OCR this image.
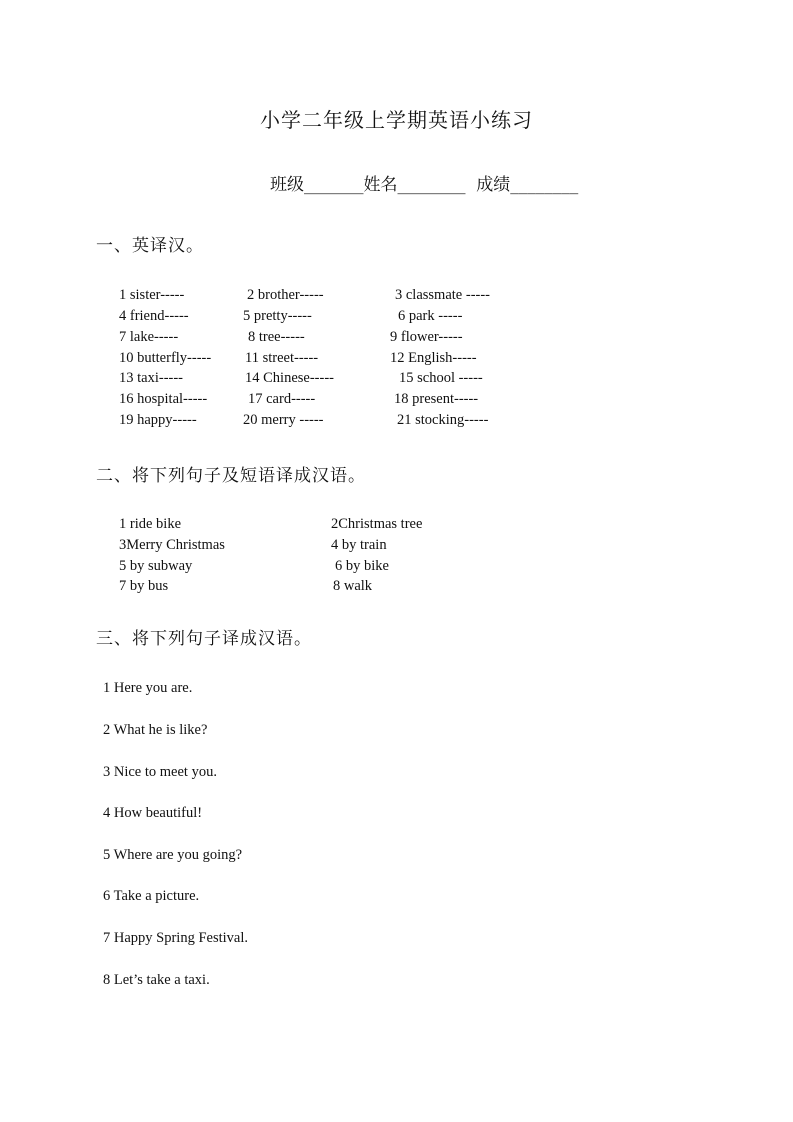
小学二年级上学期英语小练习
班级_______姓名________  成绩________
一、英译汉。
1 sister-----	2 brother-----	3 classmate -----
4 friend-----	5 pretty-----	6 park -----
7 lake-----	8 tree-----	9 flower-----
10 butterfly----- 11 street-----	12 English-----
13 taxi-----	14 Chinese-----	15 school -----
16 hospital-----	17 card-----	18 present-----
19 happy-----	20 merry -----	21 stocking-----
二、将下列句子及短语译成汉语。
1 ride bike	2Christmas tree
3Merry Christmas	4 by train
5 by subway	6 by bike
7 by bus	8 walk
三、将下列句子译成汉语。
1 Here you are.
2 What he is like?
3 Nice to meet you.
4 How beautiful!
5 Where are you going?
6 Take a picture.
7 Happy Spring Festival.
8 Let’s take a taxi.
